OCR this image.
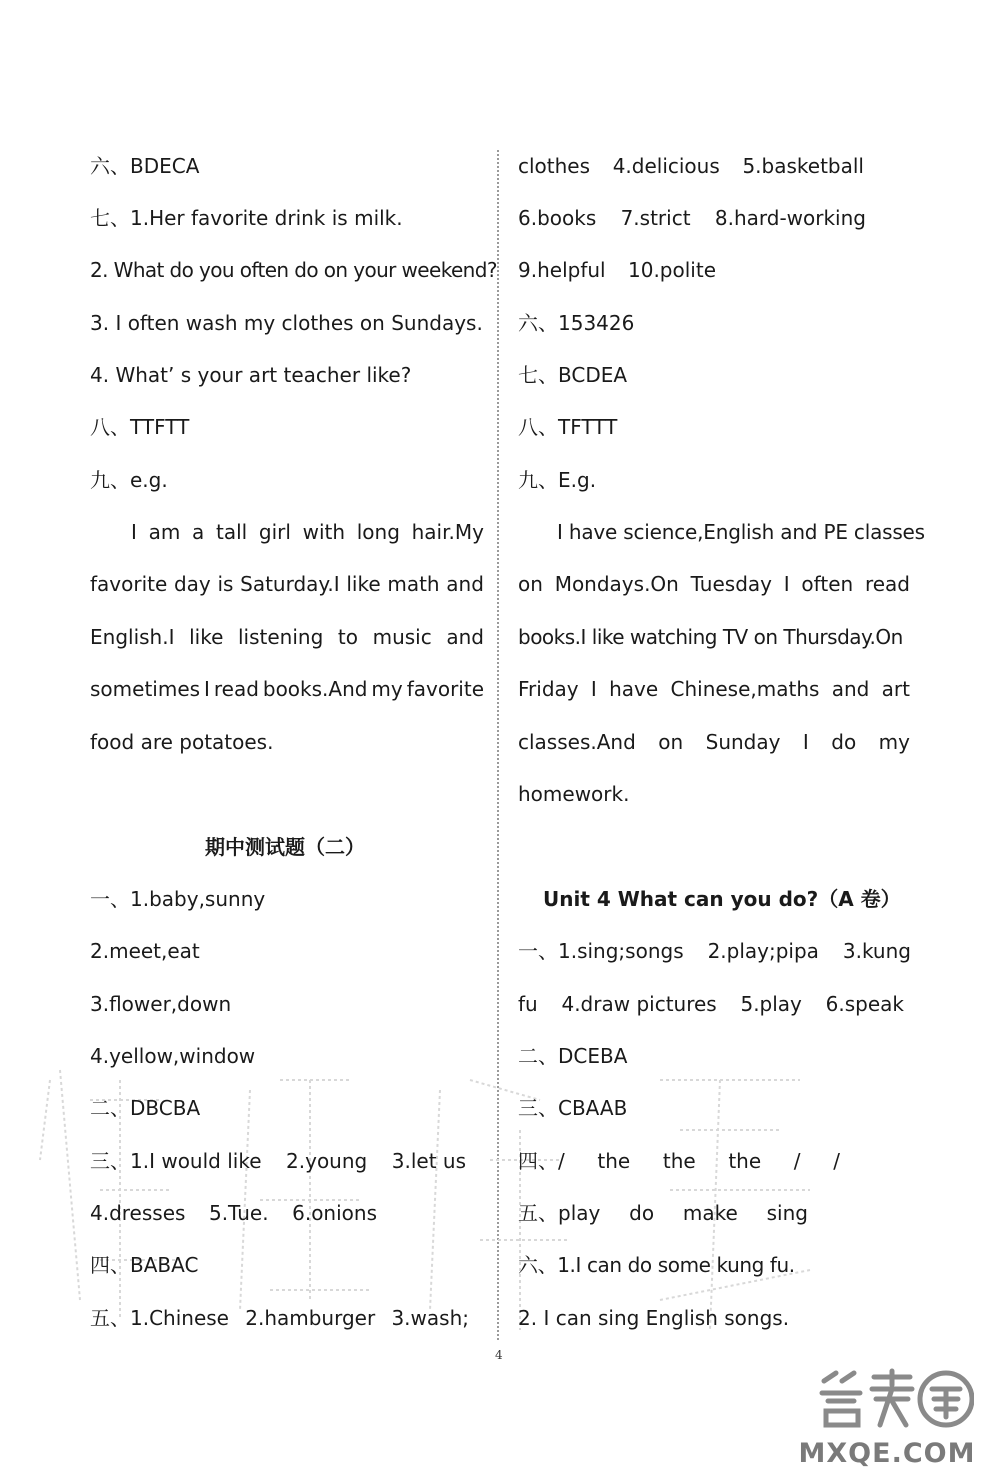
六、BDECA
七、1.Her favorite drink is milk.
2. What do you often do on your weekend?
3. I often wash my clothes on Sundays.
4. What’ s your art teacher like?
八、TTFTT
九、e.g.
I am a tall girl with long hair.My
favorite day is Saturday.I like math and
English.I like listening to music and
sometimes I read books.And my favorite
food are potatoes.
期中测试题（二）
一、1.baby,sunny
2.meet,eat
3.flower,down
4.yellow,window
二、DBCBA
三、1.I would like 2.young 3.let us
4.dresses 5.Tue. 6.onions
四、BABAC
五、1.Chinese 2.hamburger 3.wash;
clothes 4.delicious 5.basketball
6.books 7.strict 8.hard-working
9.helpful 10.polite
六、153426
七、BCDEA
八、TFTTT
九、E.g.
I have science,English and PE classes
on Mondays.On Tuesday I often read
books.I like watching TV on Thursday.On
Friday I have Chinese,maths and art
classes.And on Sunday I do my
homework.
Unit 4 What can you do?（A 卷）
一、1.sing;songs 2.play;pipa 3.kung
fu 4.draw pictures 5.play 6.speak
二、DCEBA
三、CBAAB
四、/ the the the / /
五、play do make sing
六、1.I can do some kung fu.
2. I can sing English songs.
4
MXQE.COM
